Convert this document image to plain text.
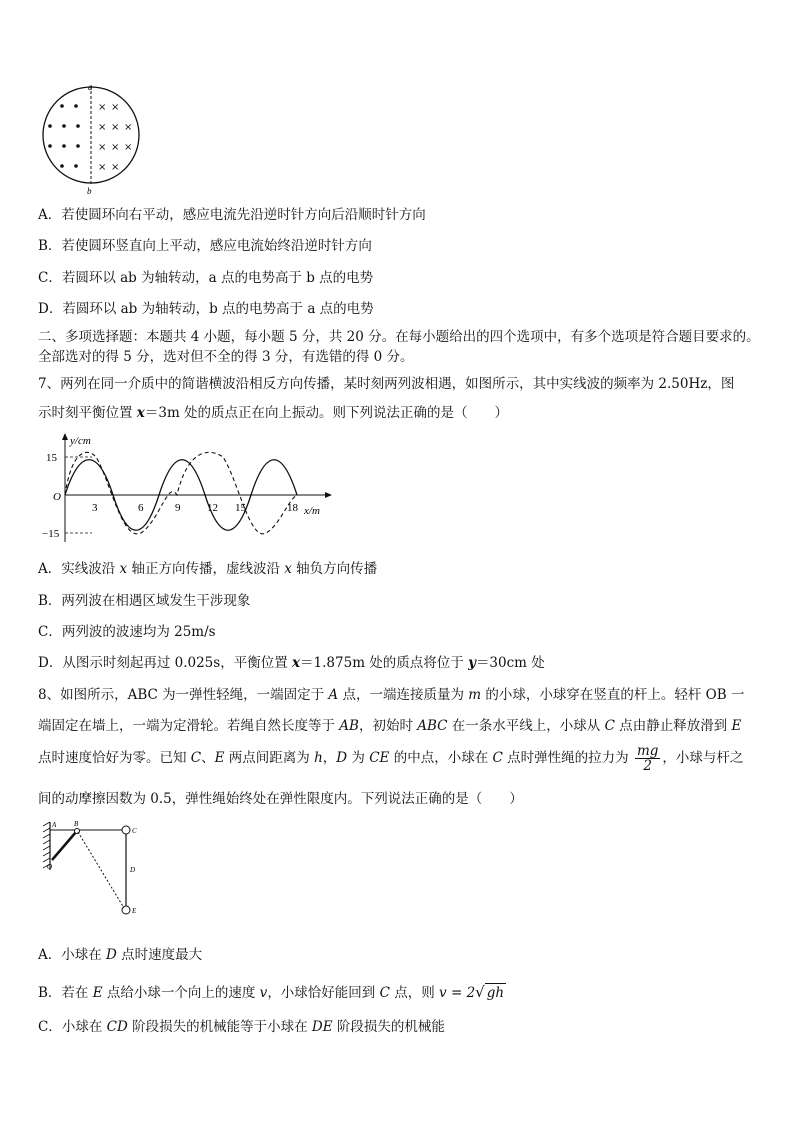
a
b
× ×
× × ×
× × ×
× ×
A．若使圆环向右平动，感应电流先沿逆时针方向后沿顺时针方向
B．若使圆环竖直向上平动，感应电流始终沿逆时针方向
C．若圆环以 ab 为轴转动，a 点的电势高于 b 点的电势
D．若圆环以 ab 为轴转动，b 点的电势高于 a 点的电势
二、多项选择题：本题共 4 小题，每小题 5 分，共 20 分。在每小题给出的四个选项中，有多个选项是符合题目要求的。
全部选对的得 5 分，选对但不全的得 3 分，有选错的得 0 分。
7、两列在同一介质中的简谐横波沿相反方向传播，某时刻两列波相遇，如图所示，其中实线波的频率为 2.50Hz，图
示时刻平衡位置 x＝3m 处的质点正在向上振动。则下列说法正确的是（　　）
y/cm
x/m
O
15
−15
3	6	9 12 15	18
A．实线波沿 x 轴正方向传播，虚线波沿 x 轴负方向传播
B．两列波在相遇区域发生干涉现象
C．两列波的波速均为 25m/s
D．从图示时刻起再过 0.025s，平衡位置 x＝1.875m 处的质点将位于 y＝30cm 处
8、如图所示，ABC 为一弹性轻绳，一端固定于 A 点，一端连接质量为 m 的小球，小球穿在竖直的杆上。轻杆 OB 一
端固定在墙上，一端为定滑轮。若绳自然长度等于 AB，初始时 ABC 在一条水平线上，小球从 C 点由静止释放滑到 E
点时速度恰好为零。已知 C、E 两点间距离为 h，D 为 CE 的中点，小球在 C 点时弹性绳的拉力为 $\frac{mg}{2}$ ，小球与杆之
间的动摩擦因数为 0.5，弹性绳始终处在弹性限度内。下列说法正确的是（　　）
A	B
C
D
E
O
A．小球在 D 点时速度最大
B．若在 E 点给小球一个向上的速度 v，小球恰好能回到 C 点，则 v = 2√ gh
C．小球在 CD 阶段损失的机械能等于小球在 DE 阶段损失的机械能
